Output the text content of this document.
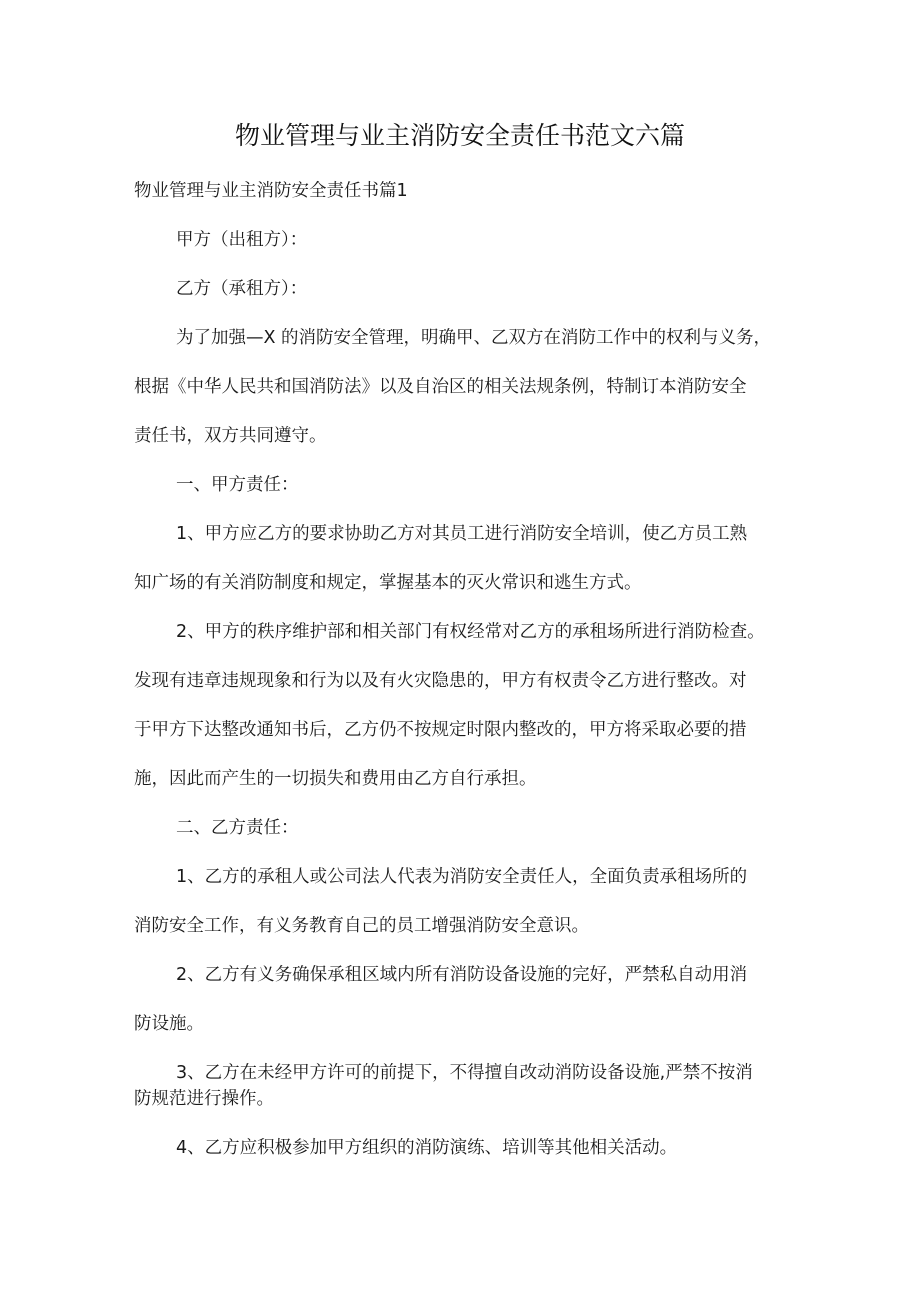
物业管理与业主消防安全责任书范文六篇
物业管理与业主消防安全责任书篇1
甲方（出租方）：
乙方（承租方）：
为了加强—X 的消防安全管理，明确甲、乙双方在消防工作中的权利与义务，
根据《中华人民共和国消防法》以及自治区的相关法规条例，特制订本消防安全
责任书，双方共同遵守。
一、甲方责任：
1、甲方应乙方的要求协助乙方对其员工进行消防安全培训，使乙方员工熟
知广场的有关消防制度和规定，掌握基本的灭火常识和逃生方式。
2、甲方的秩序维护部和相关部门有权经常对乙方的承租场所进行消防检查。
发现有违章违规现象和行为以及有火灾隐患的，甲方有权责令乙方进行整改。对
于甲方下达整改通知书后，乙方仍不按规定时限内整改的，甲方将采取必要的措
施，因此而产生的一切损失和费用由乙方自行承担。
二、乙方责任：
1、乙方的承租人或公司法人代表为消防安全责任人，全面负责承租场所的
消防安全工作，有义务教育自己的员工增强消防安全意识。
2、乙方有义务确保承租区域内所有消防设备设施的完好，严禁私自动用消
防设施。
3、乙方在未经甲方许可的前提下，不得擅自改动消防设备设施,严禁不按消
防规范进行操作。
4、乙方应积极参加甲方组织的消防演练、培训等其他相关活动。
